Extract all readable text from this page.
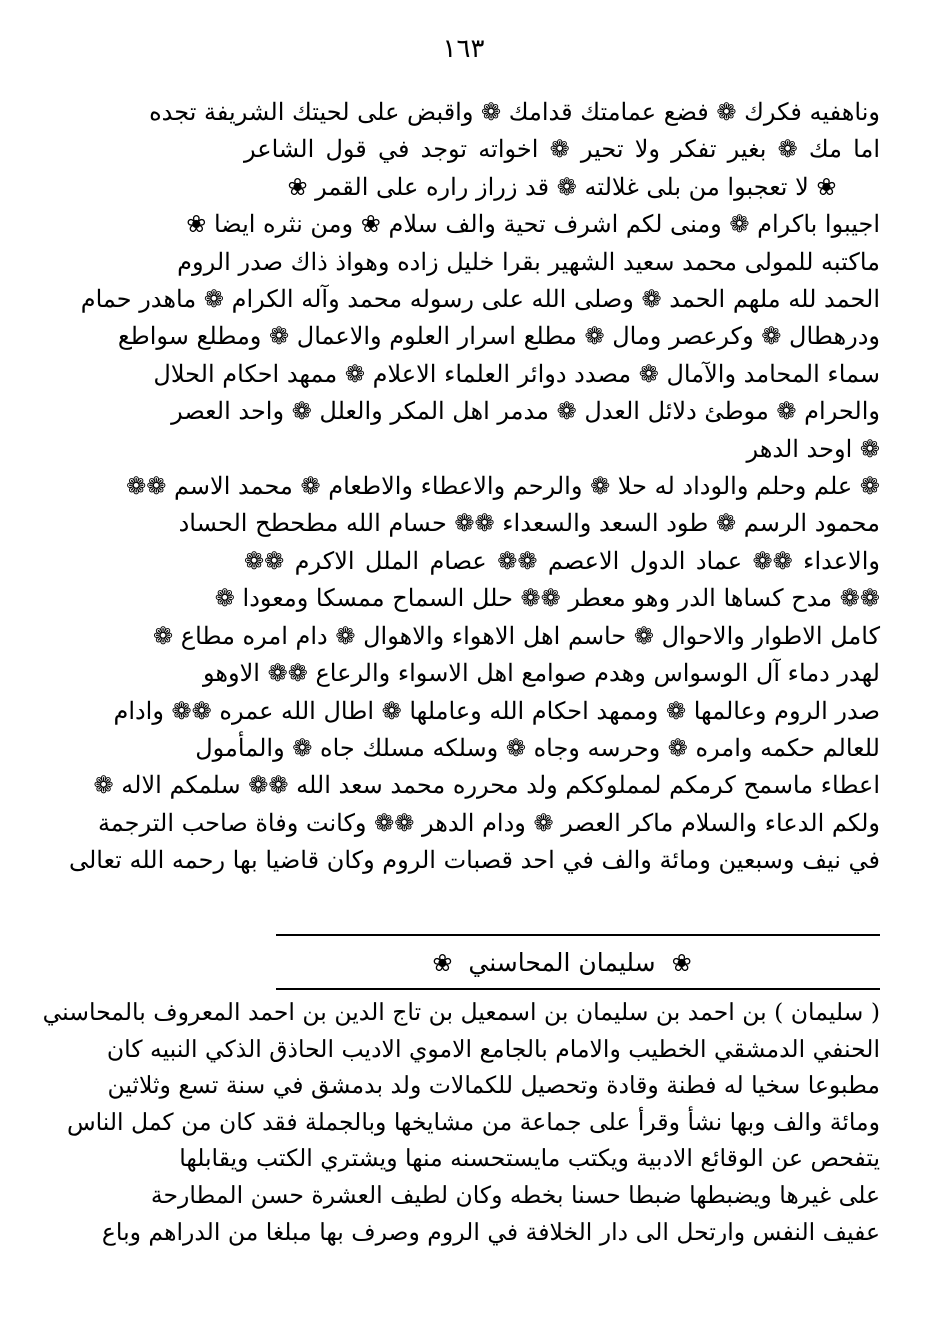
١٦٣
وناهفيه فكرك ❁ فضع عمامتك قدامك ❁ واقبض على لحيتك الشريفة تجده
اما مك ❁ بغير تفكر ولا تحير ❁ اخواته توجد في قول الشاعر
❀ لا تعجبوا من بلى غلالته ❁ قد زراز راره على القمر ❀
اجيبوا باكرام ❁ ومنى لكم اشرف تحية والف سلام ❀ ومن نثره ايضا ❀
ماكتبه للمولى محمد سعيد الشهير بقرا خليل زاده وهواذ ذاك صدر الروم
الحمد لله ملهم الحمد ❁ وصلى الله على رسوله محمد وآله الكرام ❁ ماهدر حمام
ودرهطال ❁ وكرعصر ومال ❁ مطلع اسرار العلوم والاعمال ❁ ومطلع سواطع
سماء المحامد والآمال ❁ مصدد دوائر العلماء الاعلام ❁ ممهد احكام الحلال
والحرام ❁ موطئ دلائل العدل ❁ مدمر اهل المكر والعلل ❁ واحد العصر
❁ اوحد الدهر
❁ علم وحلم والوداد له حلا ❁ والرحم والاعطاء والاطعام ❁ محمد الاسم ❁❁
محمود الرسم ❁ طود السعد والسعداء ❁❁ حسام الله مطحطح الحساد
والاعداء ❁❁ عماد الدول الاعصم ❁❁ عصام الملل الاكرم ❁❁
❁❁ مدح كساها الدر وهو معطر ❁❁ حلل السماح ممسكا ومعودا ❁
كامل الاطوار والاحوال ❁ حاسم اهل الاهواء والاهوال ❁ دام امره مطاع ❁
لهدر دماء آل الوسواس وهدم صوامع اهل الاسواء والرعاع ❁❁ الاوهو
صدر الروم وعالمها ❁ وممهد احكام الله وعاملها ❁ اطال الله عمره ❁❁ وادام
للعالم حكمه وامره ❁ وحرسه وجاه ❁ وسلكه مسلك جاه ❁ والمأمول
اعطاء ماسمح كرمكم لمملوككم ولد محرره محمد سعد الله ❁❁ سلمكم الاله ❁
ولكم الدعاء والسلام ماكر العصر ❁ ودام الدهر ❁❁ وكانت وفاة صاحب الترجمة
في نيف وسبعين ومائة والف في احد قصبات الروم وكان قاضيا بها رحمه الله تعالى
❀ سليمان المحاسني ❀
( سليمان ) بن احمد بن سليمان بن اسمعيل بن تاج الدين بن احمد المعروف بالمحاسني
الحنفي الدمشقي الخطيب والامام بالجامع الاموي الاديب الحاذق الذكي النبيه كان
مطبوعا سخيا له فطنة وقادة وتحصيل للكمالات ولد بدمشق في سنة تسع وثلاثين
ومائة والف وبها نشأ وقرأ على جماعة من مشايخها وبالجملة فقد كان من كمل الناس
يتفحص عن الوقائع الادبية ويكتب مايستحسنه منها ويشتري الكتب ويقابلها
على غيرها ويضبطها ضبطا حسنا بخطه وكان لطيف العشرة حسن المطارحة
عفيف النفس وارتحل الى دار الخلافة في الروم وصرف بها مبلغا من الدراهم وباع
